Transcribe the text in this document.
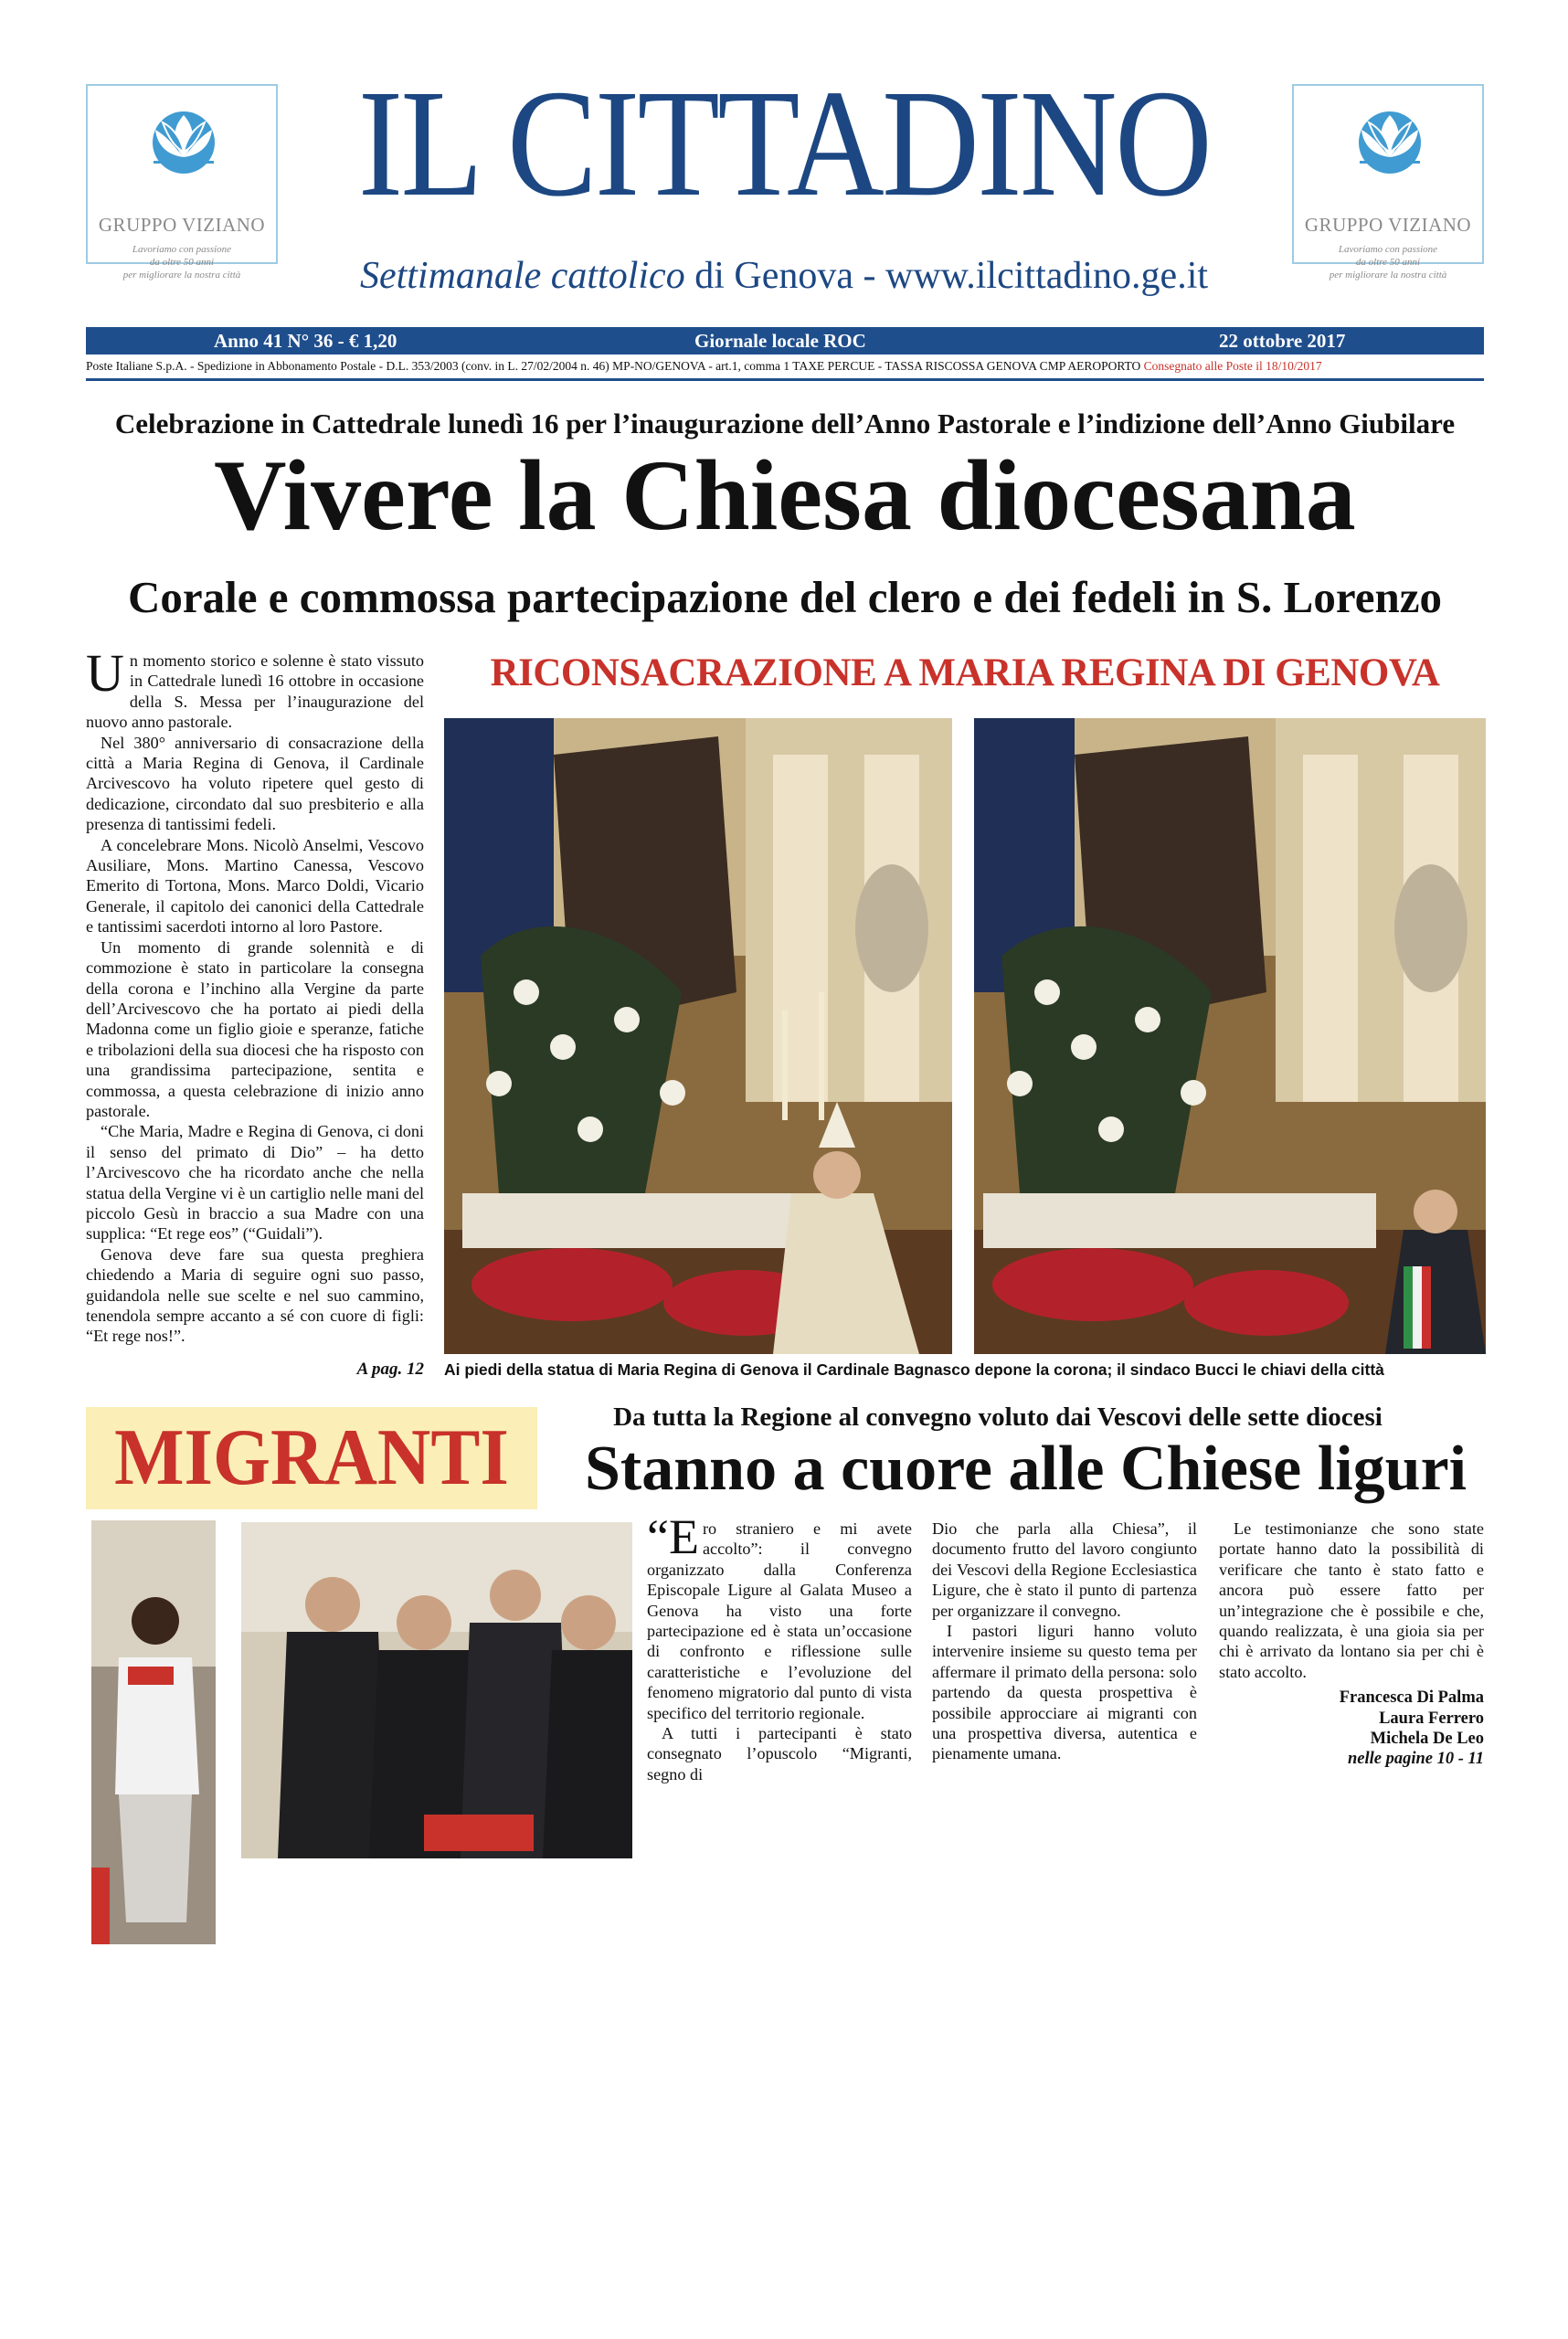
GRUPPO VIZIANO
Lavoriamo con passione
da oltre 50 anni
per migliorare la nostra città
IL CITTADINO	GRUPPO VIZIANO
Lavoriamo con passione
da oltre 50 anni
per migliorare la nostra città
Settimanale cattolico di Genova - www.ilcittadino.ge.it
Anno 41 N° 36 - € 1,20	Giornale locale ROC	22 ottobre 2017
Poste Italiane S.p.A. - Spedizione in Abbonamento Postale - D.L. 353/2003 (conv. in L. 27/02/2004 n. 46) MP-NO/GENOVA - art.1, comma 1 TAXE PERCUE - TASSA RISCOSSA GENOVA CMP AEROPORTO Consegnato alle Poste il 18/10/2017
Celebrazione in Cattedrale lunedì 16 per l’inaugurazione dell’Anno Pastorale e l’indizione dell’Anno Giubilare
Vivere la Chiesa diocesana
Corale e commossa partecipazione del clero e dei fedeli in S. Lorenzo

Un momento storico e solenne è stato vissuto in Cattedrale lunedì 16 ottobre in occasione della S. Messa per l’inaugurazione del nuovo anno pastorale.

Nel 380° anniversario di consacrazione della città a Maria Regina di Genova, il Cardinale Arcivescovo ha voluto ripetere quel gesto di dedicazione, circondato dal suo presbiterio e alla presenza di tantissimi fedeli.

A concelebrare Mons. Nicolò Anselmi, Vescovo Ausiliare, Mons. Martino Canessa, Vescovo Emerito di Tortona, Mons. Marco Doldi, Vicario Generale, il capitolo dei canonici della Cattedrale e tantissimi sacerdoti intorno al loro Pastore.

Un momento di grande solennità e di commozione è stato in particolare la consegna della corona e l’inchino alla Vergine da parte dell’Arcivescovo che ha portato ai piedi della Madonna come un figlio gioie e speranze, fatiche e tribolazioni della sua diocesi che ha risposto con una grandissima partecipazione, sentita e commossa, a questa celebrazione di inizio anno pastorale.

“Che Maria, Madre e Regina di Genova, ci doni il senso del primato di Dio” – ha detto l’Arcivescovo che ha ricordato anche che nella statua della Vergine vi è un cartiglio nelle mani del piccolo Gesù in braccio a sua Madre con una supplica: “Et rege eos” (“Guidali”).

Genova deve fare sua questa preghiera chiedendo a Maria di seguire ogni suo passo, guidandola nelle sue scelte e nel suo cammino, tenendola sempre accanto a sé con cuore di figli: “Et rege nos!”.

A pag. 12
RICONSACRAZIONE A MARIA REGINA DI GENOVA
Ai piedi della statua di Maria Regina di Genova il Cardinale Bagnasco depone la corona; il sindaco Bucci le chiavi della città
MIGRANTI	Da tutta la Regione al convegno voluto dai Vescovi delle sette diocesi
Stanno a cuore alle Chiese liguri

“Ero straniero e mi avete accolto”: il convegno organizzato dalla Conferenza Episcopale Ligure al Galata Museo a Genova ha visto una forte partecipazione ed è stata un’occasione di confronto e riflessione sulle caratteristiche e l’evoluzione del fenomeno migratorio dal punto di vista specifico del territorio regionale.

A tutti i partecipanti è stato consegnato l’opuscolo “Migranti, segno di

Dio che parla alla Chiesa”, il documento frutto del lavoro congiunto dei Vescovi della Regione Ecclesiastica Ligure, che è stato il punto di partenza per organizzare il convegno.

I pastori liguri hanno voluto intervenire insieme su questo tema per affermare il primato della persona: solo partendo da questa prospettiva è possibile approcciare ai migranti con una prospettiva diversa, autentica e pienamente umana.

Le testimonianze che sono state portate hanno dato la possibilità di verificare che tanto è stato fatto e ancora può essere fatto per un’integrazione che è possibile e che, quando realizzata, è una gioia sia per chi è arrivato da lontano sia per chi è stato accolto.

Francesca Di Palma
Laura Ferrero
Michela De Leo
nelle pagine 10 - 11
